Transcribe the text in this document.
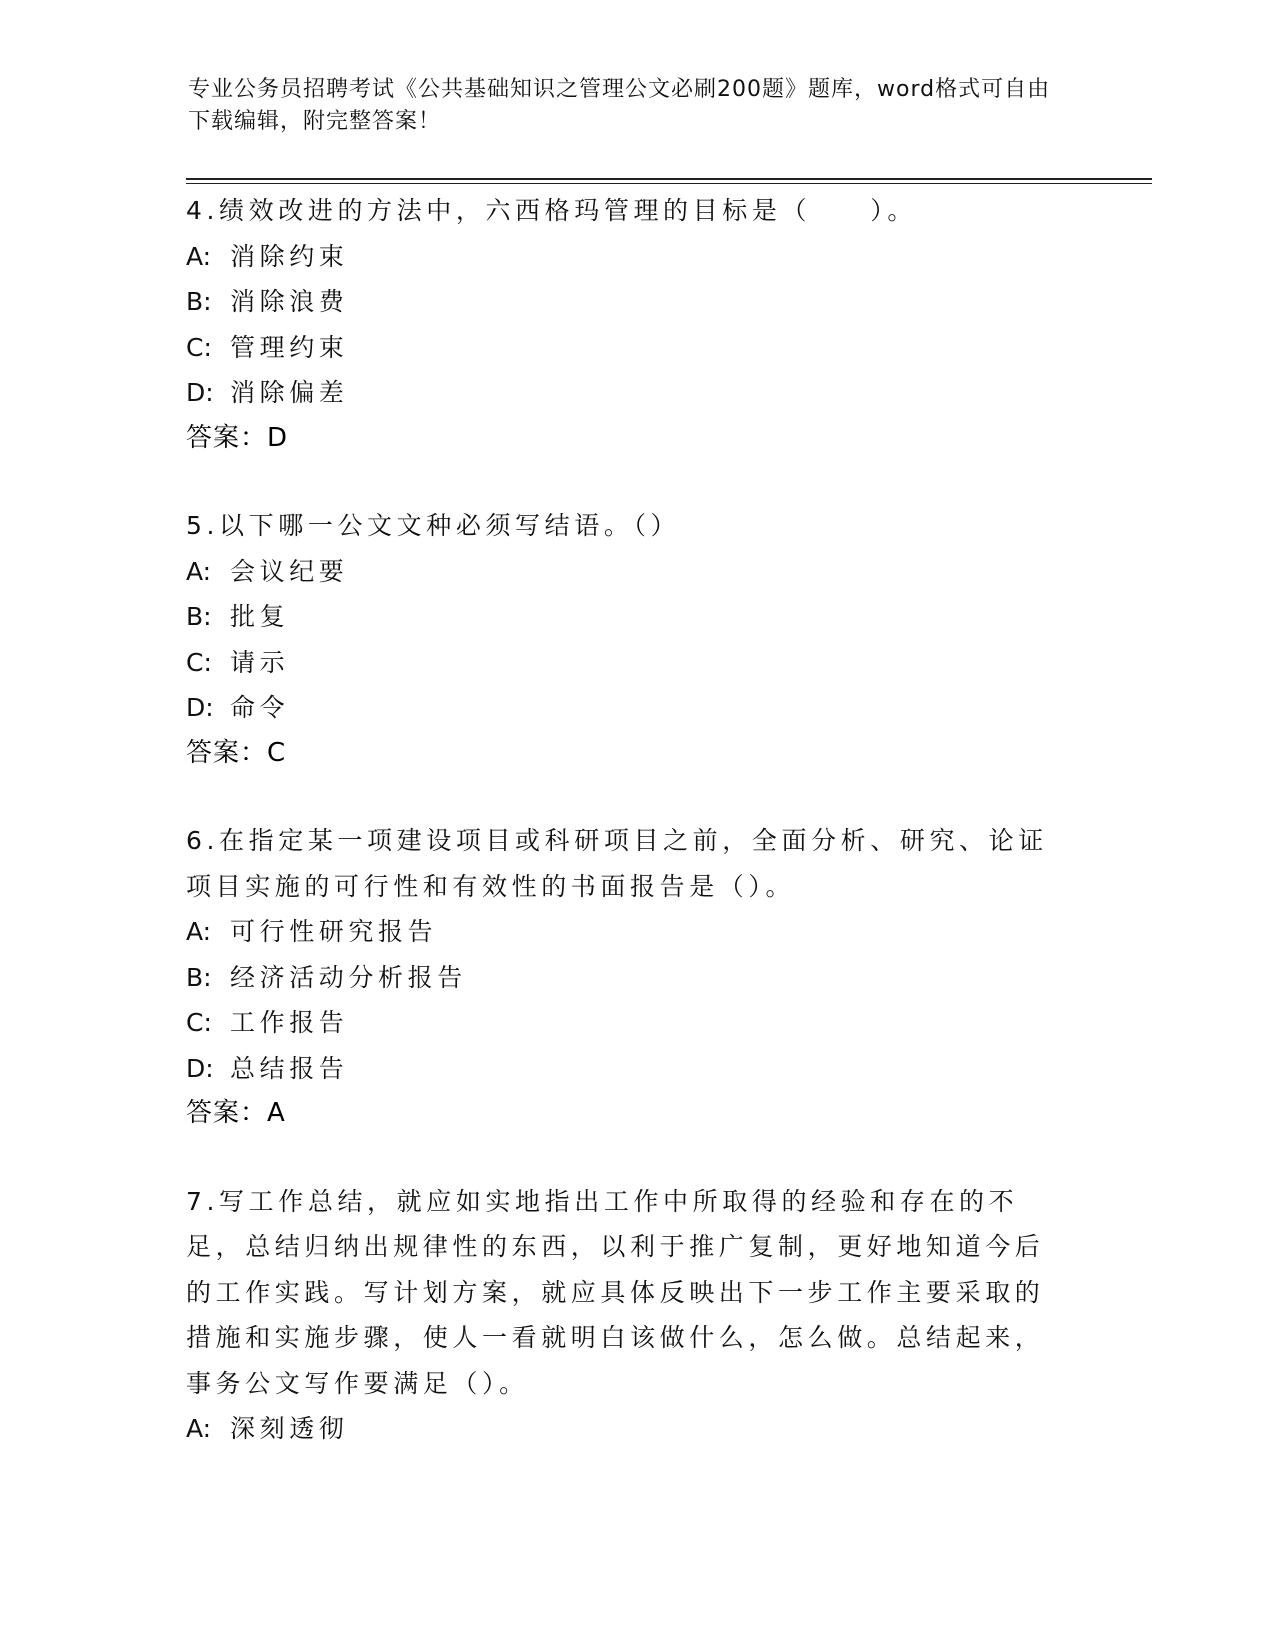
专业公务员招聘考试《公共基础知识之管理公文必刷200题》题库，word格式可自由下载编辑，附完整答案！

4.绩效改进的方法中，六西格玛管理的目标是（　　）。

A: 消除约束

B: 消除浪费

C: 管理约束

D: 消除偏差

答案：D

5.以下哪一公文文种必须写结语。（）

A: 会议纪要

B: 批复

C: 请示

D: 命令

答案：C

6.在指定某一项建设项目或科研项目之前，全面分析、研究、论证项目实施的可行性和有效性的书面报告是（）。

A: 可行性研究报告

B: 经济活动分析报告

C: 工作报告

D: 总结报告

答案：A

7.写工作总结，就应如实地指出工作中所取得的经验和存在的不足，总结归纳出规律性的东西，以利于推广复制，更好地知道今后的工作实践。写计划方案，就应具体反映出下一步工作主要采取的措施和实施步骤，使人一看就明白该做什么，怎么做。总结起来，事务公文写作要满足（）。

A: 深刻透彻
